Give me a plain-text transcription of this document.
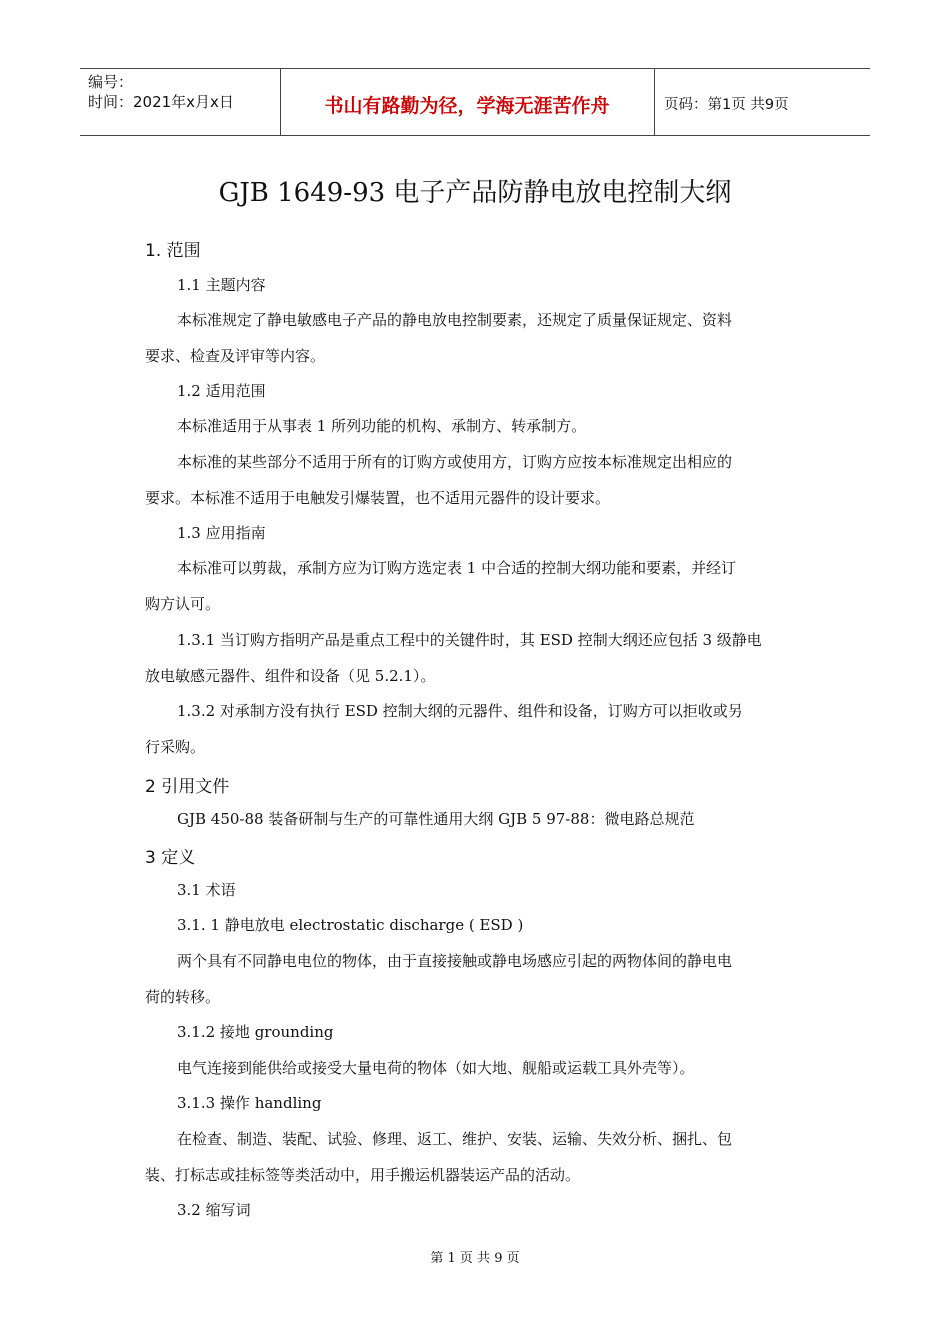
编号：
时间：2021年x月x日	书山有路勤为径，学海无涯苦作舟	页码：第1页 共9页
GJB 1649-93 电子产品防静电放电控制大纲
1. 范围
1.1 主题内容
本标准规定了静电敏感电子产品的静电放电控制要素，还规定了质量保证规定、资料
要求、检查及评审等内容。
1.2 适用范围
本标准适用于从事表 1 所列功能的机构、承制方、转承制方。
本标准的某些部分不适用于所有的订购方或使用方，订购方应按本标准规定出相应的
要求。本标准不适用于电触发引爆装置，也不适用元器件的设计要求。
1.3 应用指南
本标准可以剪裁，承制方应为订购方选定表 1 中合适的控制大纲功能和要素，并经订
购方认可。
1.3.1 当订购方指明产品是重点工程中的关键件时，其 ESD 控制大纲还应包括 3 级静电
放电敏感元器件、组件和设备（见 5.2.1）。
1.3.2 对承制方没有执行 ESD 控制大纲的元器件、组件和设备，订购方可以拒收或另
行采购。
2 引用文件
GJB 450-88 装备研制与生产的可靠性通用大纲 GJB 5 97-88：微电路总规范
3 定义
3.1 术语
3.1. 1 静电放电 electrostatic discharge ( ESD )
两个具有不同静电电位的物体，由于直接接触或静电场感应引起的两物体间的静电电
荷的转移。
3.1.2 接地 grounding
电气连接到能供给或接受大量电荷的物体（如大地、舰船或运载工具外壳等）。
3.1.3 操作 handling
在检查、制造、装配、试验、修理、返工、维护、安装、运输、失效分析、捆扎、包
装、打标志或挂标签等类活动中，用手搬运机器装运产品的活动。
3.2 缩写词
第 1 页 共 9 页
